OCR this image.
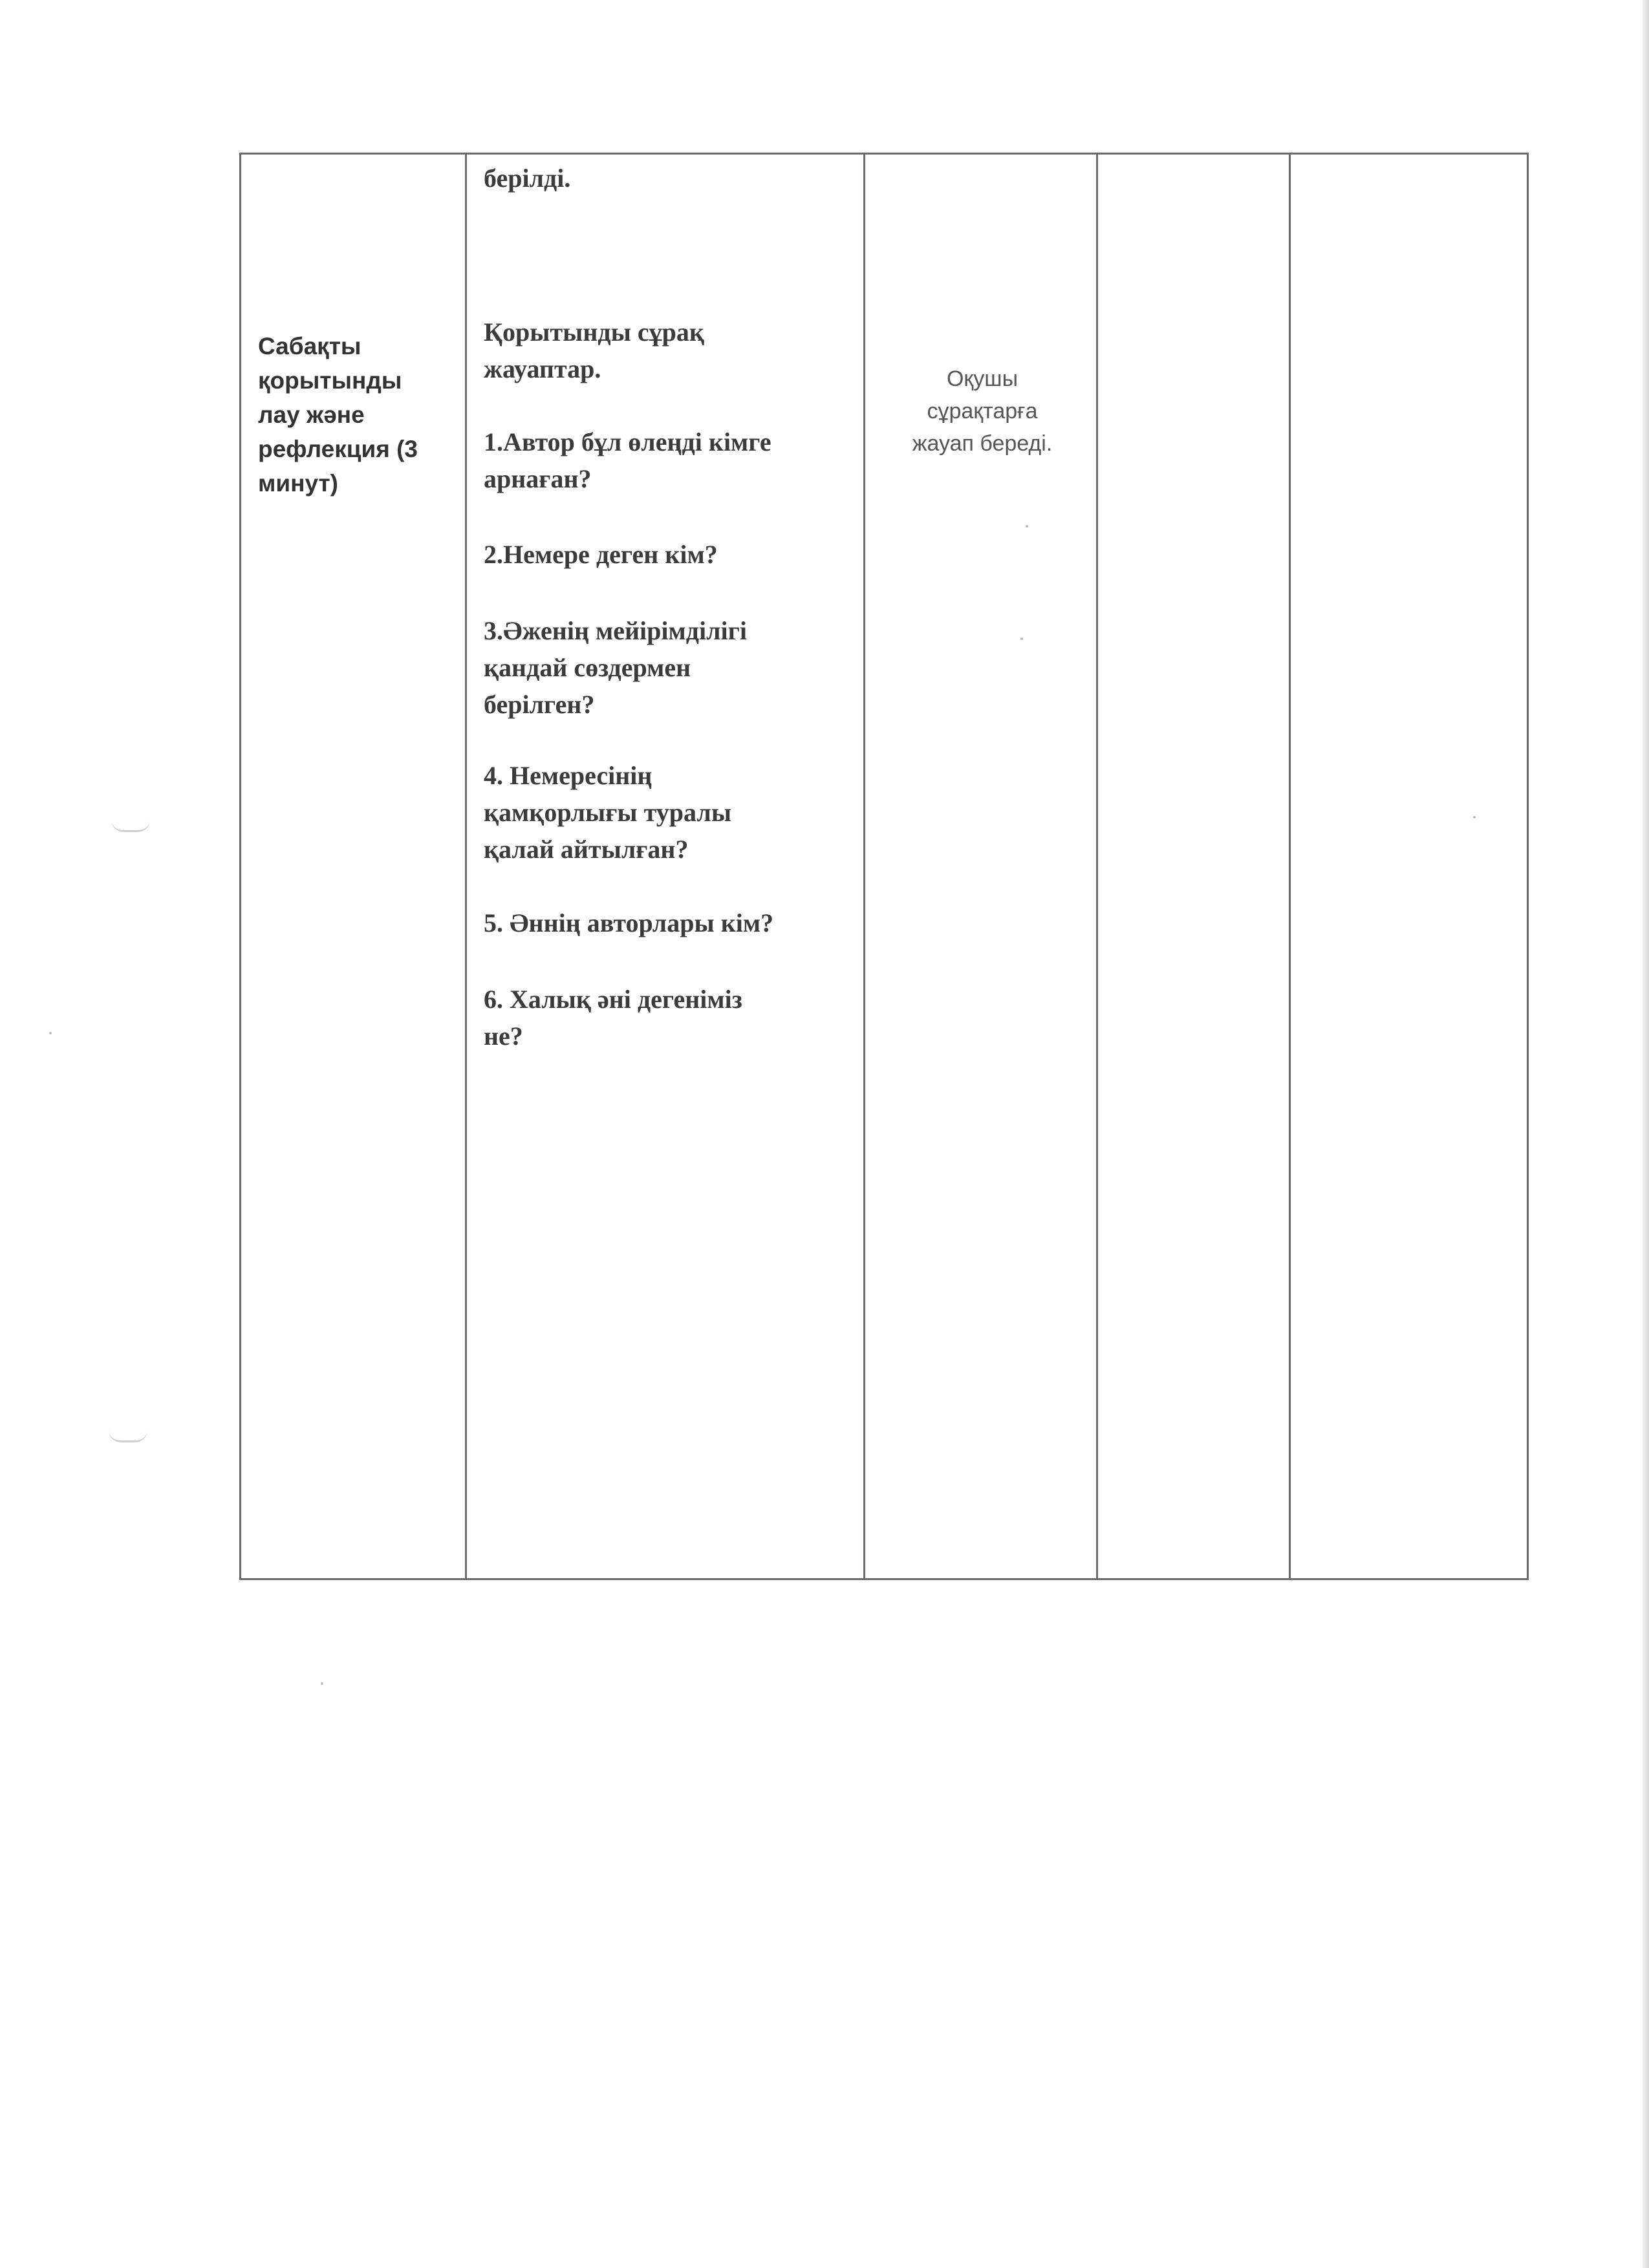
Сабақты
қорытынды
лау және
рефлекция (3
минут)

берілді.

Қорытынды сұрақ
жауаптар.

1.Автор бұл өлеңді кімге
арнаған?

2.Немере деген кім?

3.Әженің мейірімділігі
қандай сөздермен
берілген?

4. Немересінің
қамқорлығы туралы
қалай айтылған?

5. Әннің авторлары кім?

6. Халық әні дегеніміз
не?

Оқушы
сұрақтарға
жауап береді.
